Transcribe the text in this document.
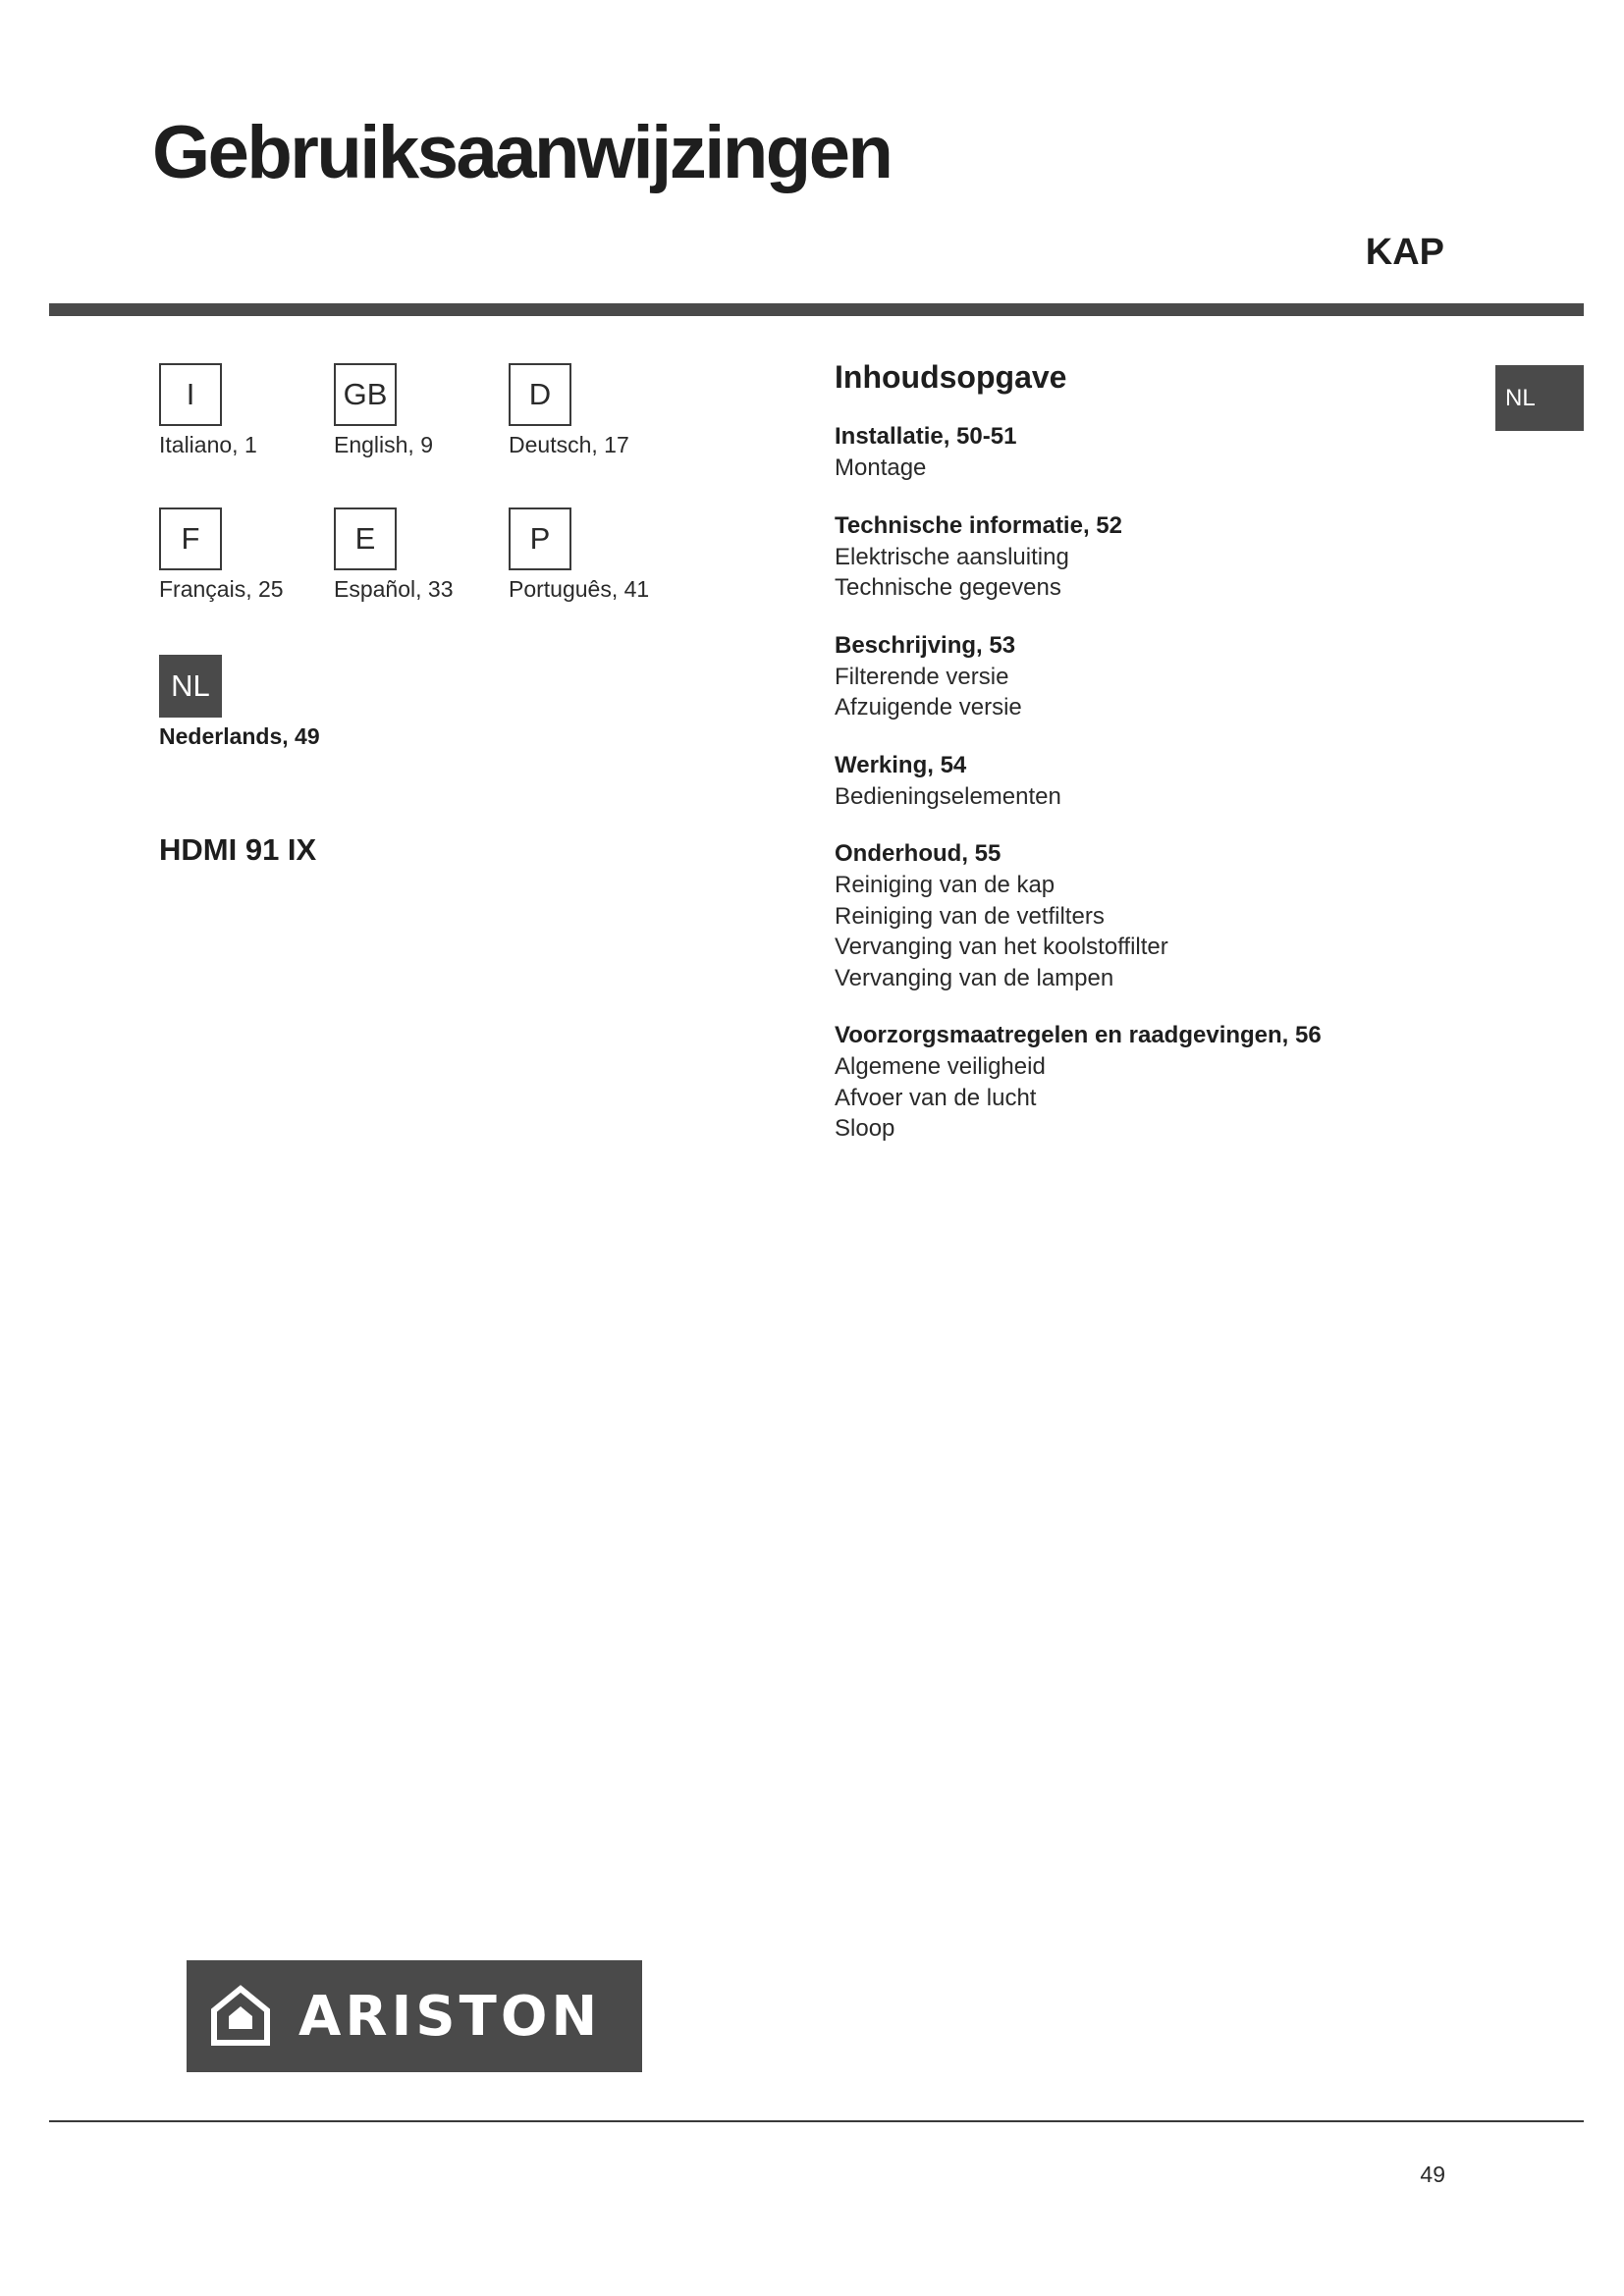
Gebruiksaanwijzingen
KAP
I
Italiano, 1
GB
English, 9
D
Deutsch, 17
F
Français, 25
E
Español, 33
P
Português, 41
NL
Nederlands, 49
HDMI 91 IX
Inhoudsopgave
Installatie, 50-51
Montage
Technische informatie, 52
Elektrische aansluiting
Technische gegevens
Beschrijving, 53
Filterende versie
Afzuigende versie
Werking, 54
Bedieningselementen
Onderhoud, 55
Reiniging van de kap
Reiniging van de vetfilters
Vervanging van het koolstoffilter
Vervanging van de lampen
Voorzorgsmaatregelen en raadgevingen, 56
Algemene veiligheid
Afvoer van de lucht
Sloop
NL
ARISTON
49
